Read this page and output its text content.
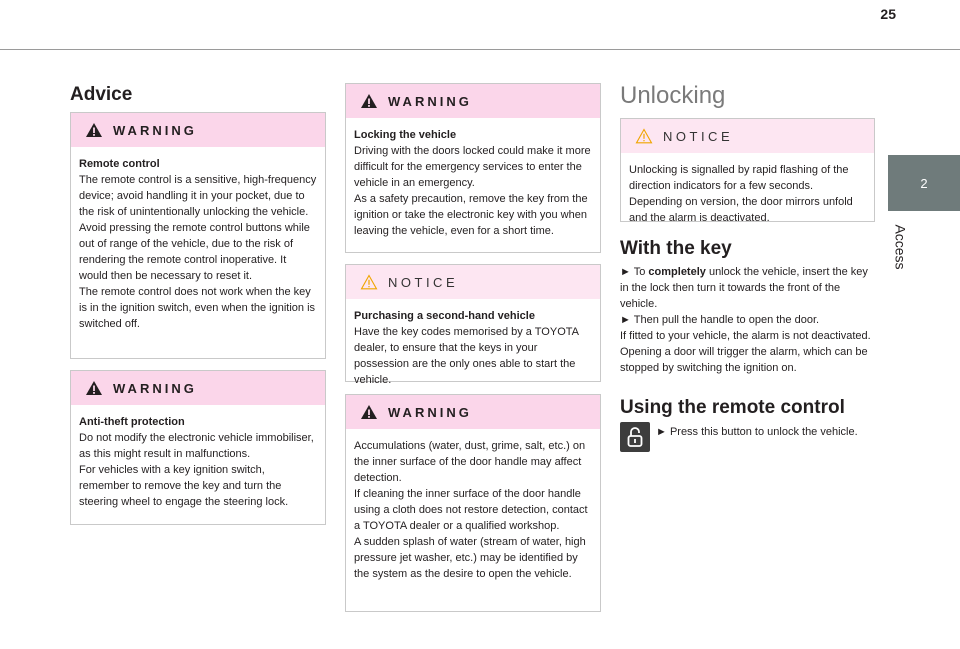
25
2
Access
Advice
WARNING
Remote control

The remote control is a sensitive, high-frequency device; avoid handling it in your pocket, due to the risk of unintentionally unlocking the vehicle.
Avoid pressing the remote control buttons while out of range of the vehicle, due to the risk of rendering the remote control inoperative. It would then be necessary to reset it.
The remote control does not work when the key is in the ignition switch, even when the ignition is switched off.

WARNING
Anti-theft protection

Do not modify the electronic vehicle immobiliser, as this might result in malfunctions.
For vehicles with a key ignition switch, remember to remove the key and turn the steering wheel to engage the steering lock.

WARNING
Locking the vehicle

Driving with the doors locked could make it more difficult for the emergency services to enter the vehicle in an emergency.
As a safety precaution, remove the key from the ignition or take the electronic key with you when leaving the vehicle, even for a short time.

NOTICE
Purchasing a second-hand vehicle

Have the key codes memorised by a TOYOTA dealer, to ensure that the keys in your possession are the only ones able to start the vehicle.

WARNING

Accumulations (water, dust, grime, salt, etc.) on the inner surface of the door handle may affect detection.
If cleaning the inner surface of the door handle using a cloth does not restore detection, contact a TOYOTA dealer or a qualified workshop.
A sudden splash of water (stream of water, high pressure jet washer, etc.) may be identified by the system as the desire to open the vehicle.

Unlocking
NOTICE

Unlocking is signalled by rapid flashing of the direction indicators for a few seconds.
Depending on version, the door mirrors unfold and the alarm is deactivated.

With the key

► To completely unlock the vehicle, insert the key in the lock then turn it towards the front of the vehicle.

► Then pull the handle to open the door.

If fitted to your vehicle, the alarm is not deactivated. Opening a door will trigger the alarm, which can be stopped by switching the ignition on.

Using the remote control

► Press this button to unlock the vehicle.
